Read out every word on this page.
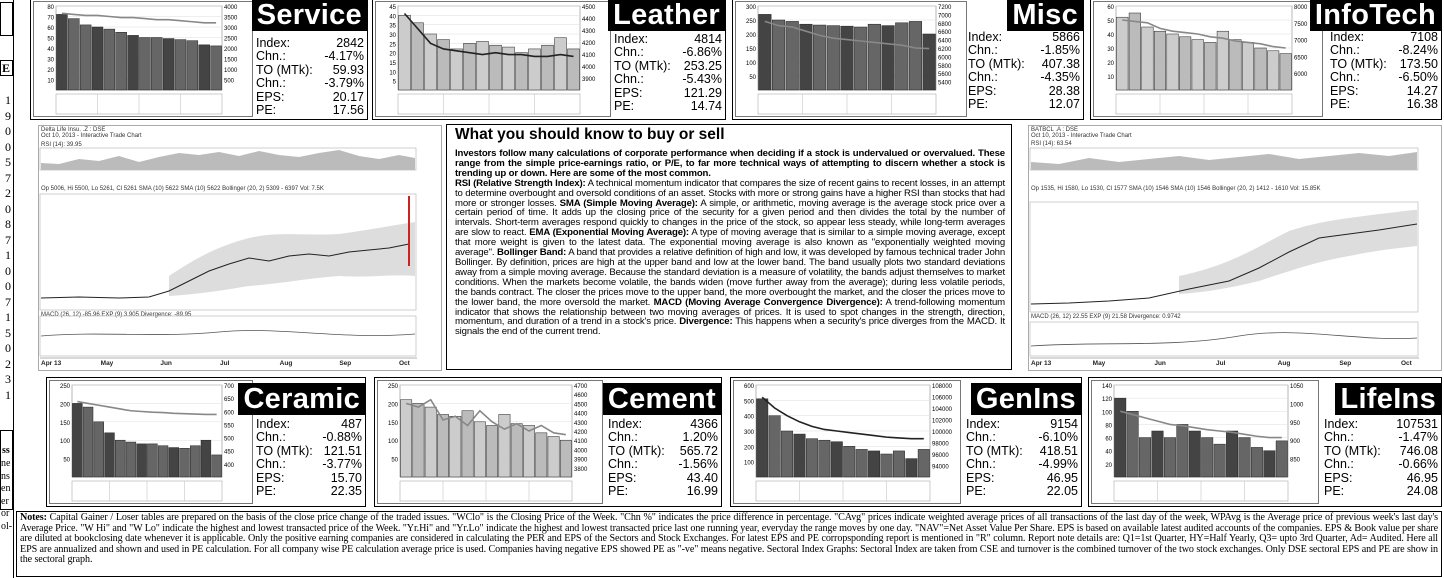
E
1
9
0
0
5
7
2
0
8
7
1
0
0
7
1
5
0
2
3
1
ss
ne
ns
en
er
or
ol-
80
70
60
50
40
30
20
10
4000
3500
3000
2500
2000
1500
1000
500
Service
Index:	2842
Chn.:	-4.17%
TO (MTk): 59.93
Chn.:	-3.79%
EPS:	20.17
PE:	17.56
45
40
35
30
25
20
15
10
5
4500
4400
4300
4200
4100
4000
3900
Leather
Index:	4814
Chn.:	-6.86%
TO (MTk): 253.25
Chn.:	-5.43%
EPS:	121.29
PE:	14.74
300
250
200
150
100
50
7200
7000
6800
6600
6400
6200
6000
5800
5600
5400
Misc
Index:	5866
Chn.:	-1.85%
TO (MTk): 407.38
Chn.:	-4.35%
EPS:	28.38
PE:	12.07
60
50
40
30
20
10
8000
7500
7000
6500
6000
InfoTech
Index:	7108
Chn.:	-8.24%
TO (MTk): 173.50
Chn.:	-6.50%
EPS:	14.27
PE:	16.38
Delta Life Insu. .Z : DSE
Oct 10, 2013 - Interactive Trade Chart
RSI (14): 39.95
Op 5006, Hi 5500, Lo 5261, Cl 5261 SMA (10) 5622 SMA (10) 5622 Bollinger (20, 2) 5309 - 6397 Vol: 7.5K
MACD (26, 12) -85.96 EXP (9) 3.905 Divergence: -89.95
Apr 13	May	Jun	Jul	Aug	Sep	Oct
What you should know to buy or sell

Investors follow many calculations of corporate performance when deciding if a stock is undervalued or overvalued. These range from the simple price-earnings ratio, or P/E, to far more technical ways of attempting to discern whether a stock is trending up or down. Here are some of the most common.
RSI (Relative Strength Index): A technical momentum indicator that compares the size of recent gains to recent losses, in an attempt to determine overbought and oversold conditions of an asset. Stocks with more or strong gains have a higher RSI than stocks that had more or stronger losses. SMA (Simple Moving Average): A simple, or arithmetic, moving average is the average stock price over a certain period of time. It adds up the closing price of the security for a given period and then divides the total by the number of intervals. Short-term averages respond quickly to changes in the price of the stock, so appear less steady, while long-term averages are slow to react. EMA (Exponential Moving Average): A type of moving average that is similar to a simple moving average, except that more weight is given to the latest data. The exponential moving average is also known as "exponentially weighted moving average". Bollinger Band: A band that provides a relative definition of high and low, it was developed by famous technical trader John Bollinger. By definition, prices are high at the upper band and low at the lower band. The band usually plots two standard deviations away from a simple moving average. Because the standard deviation is a measure of volatility, the bands adjust themselves to market conditions. When the markets become volatile, the bands widen (move further away from the average); during less volatile periods, the bands contract. The closer the prices move to the upper band, the more overbought the market, and the closer the prices move to the lower band, the more oversold the market. MACD (Moving Average Convergence Divergence): A trend-following momentum indicator that shows the relationship between two moving averages of prices. It is used to spot changes in the strength, direction, momentum, and duration of a trend in a stock's price. Divergence: This happens when a security's price diverges from the MACD. It signals the end of the current trend.

BATBCL .A : DSE
Oct 10, 2013 - Interactive Trade Chart
RSI (14): 63.54
Op 1535, Hi 1580, Lo 1530, Cl 1577 SMA (10) 1546 SMA (10) 1546 Bollinger (20, 2) 1412 - 1610 Vol: 15.85K
MACD (26, 12) 22.55 EXP (9) 21.58 Divergence: 0.9742
Apr 13	May	Jun	Jul	Aug	Sep	Oct
250
200
150
100
50
700
650
600
550
500
450
400
Ceramic
Index:	487
Chn.:	-0.88%
TO (MTk): 121.51
Chn.:	-3.77%
EPS:	15.70
PE:	22.35
250
200
150
100
50
4700
4600
4500
4400
4300
4200
4100
4000
3900
3800
Cement
Index:	4366
Chn.:	1.20%
TO (MTk): 565.72
Chn.:	-1.56%
EPS:	43.40
PE:	16.99
600
500
400
300
200
100
108000
106000
104000
102000
100000
98000
96000
94000
GenIns
Index:	9154
Chn.:	-6.10%
TO (MTk): 418.51
Chn.:	-4.99%
EPS:	46.95
PE:	22.05
140
120
100
80
60
40
20
1050
1000
950
900
850
LifeIns
Index:	107531
Chn.:	-1.47%
TO (MTk): 746.08
Chn.:	-0.66%
EPS:	46.95
PE:	24.08
Notes: Capital Gainer / Loser tables are prepared on the basis of the close price change of the traded issues. "WClo" is the Closing Price of the Week. "Chn %" indicates the price difference in percentage. "CAvg" prices indicate weighted average prices of all transactions of the last day of the week, WPAvg is the Average price of previous week's last day's Average Price. "W Hi" and "W Lo" indicate the highest and lowest transacted price of the Week. "Yr.Hi" and "Yr.Lo" indicate the highest and lowest transacted price last one running year, everyday the range moves by one day. "NAV"=Net Asset Value Per Share. EPS is based on available latest audited accounts of the companies. EPS & Book value per share are diluted at bookclosing date whenever it is applicable. Only the positive earning companies are considered in calculating the PER and EPS of the Sectors and Stock Exchanges. For latest EPS and PE corropsponding report is mentioned in "R" column. Report note details are: Q1=1st Quarter, HY=Half Yearly, Q3= upto 3rd Quarter, Ad= Audited. Here all EPS are annualized and shown and used in PE calculation. For all company wise PE calculation average price is used. Companies having negative EPS showed PE as "-ve" means negative. Sectoral Index Graphs: Sectoral Index are taken from CSE and turnover is the combined turnover of the two stock exchanges. Only DSE sectoral EPS and PE are show in the sectoral graph.
